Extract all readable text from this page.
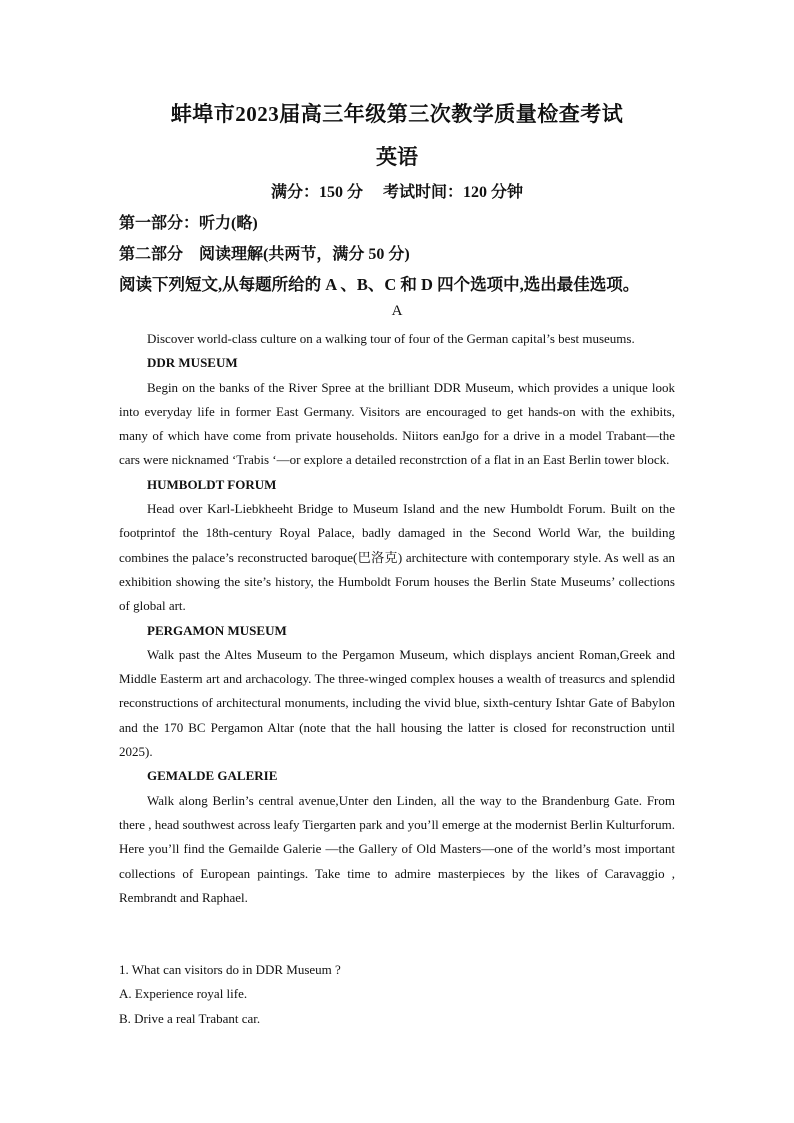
蚌埠市2023届高三年级第三次教学质量检查考试
英语
满分：150 分 考试时间：120 分钟
第一部分：听力(略)
第二部分　阅读理解(共两节，满分 50 分)
阅读下列短文,从每题所给的 A 、B、C 和 D 四个选项中,选出最佳选项。
A

Discover world-class culture on a walking tour of four of the German capital’s best museums.

DDR MUSEUM

Begin on the banks of the River Spree at the brilliant DDR Museum, which provides a unique look into everyday life in former East Germany. Visitors are encouraged to get hands-on with the exhibits, many of which have come from private households. Niitors eanJgo for a drive in a model Trabant—the cars were nicknamed ‘Trabis ‘—or explore a detailed reconstrction of a flat in an East Berlin tower block.

HUMBOLDT FORUM

Head over Karl-Liebkheeht Bridge to Museum Island and the new Humboldt Forum. Built on the footprintof the 18th-century Royal Palace, badly damaged in the Second World War, the building combines the palace’s reconstructed baroque(巴洛克) architecture with contemporary style. As well as an exhibition showing the site’s history, the Humboldt Forum houses the Berlin State Museums’ collections of global art.

PERGAMON MUSEUM

Walk past the Altes Museum to the Pergamon Museum, which displays ancient Roman,Greek and Middle Easterm art and archacology. The three-winged complex houses a wealth of treasurcs and splendid reconstructions of architectural monuments, including the vivid blue, sixth-century Ishtar Gate of Babylon and the 170 BC Pergamon Altar (note that the hall housing the latter is closed for reconstruction until 2025).

GEMALDE GALERIE

Walk along Berlin’s central avenue,Unter den Linden, all the way to the Brandenburg Gate. From there , head southwest across leafy Tiergarten park and you’ll emerge at the modernist Berlin Kulturforum. Here you’ll find the Gemailde Galerie —the Gallery of Old Masters—one of the world’s most important collections of European paintings. Take time to admire masterpieces by the likes of Caravaggio , Rembrandt and Raphael.

1. What can visitors do in DDR Museum ?
A. Experience royal life.
B. Drive a real Trabant car.
